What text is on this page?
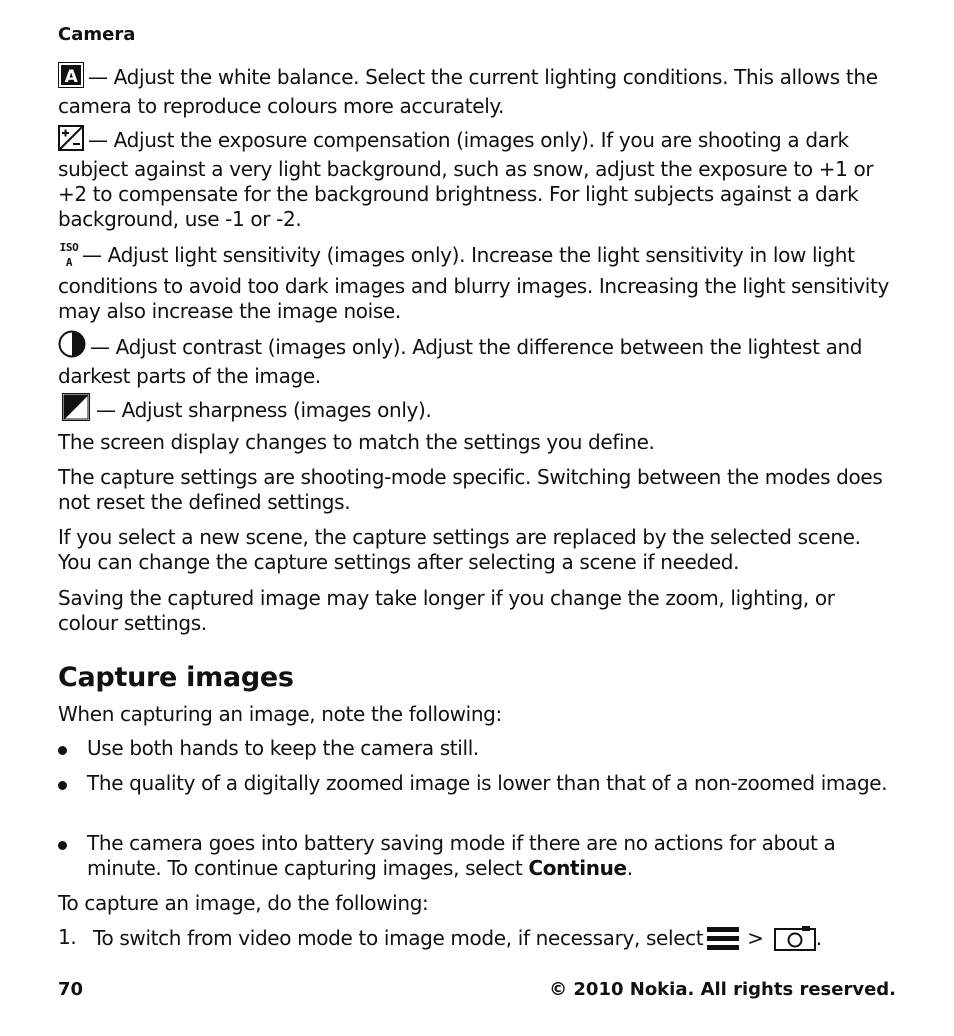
Camera
A — Adjust the white balance. Select the current lighting conditions. This allows the camera to reproduce colours more accurately.
— Adjust the exposure compensation (images only). If you are shooting a dark subject against a very light background, such as snow, adjust the exposure to +1 or +2 to compensate for the background brightness. For light subjects against a dark background, use -1 or -2.
ISO
A — Adjust light sensitivity (images only). Increase the light sensitivity in low light conditions to avoid too dark images and blurry images. Increasing the light sensitivity may also increase the image noise.
— Adjust contrast (images only). Adjust the difference between the lightest and darkest parts of the image.
— Adjust sharpness (images only).
The screen display changes to match the settings you define.
The capture settings are shooting-mode specific. Switching between the modes does not reset the defined settings.
If you select a new scene, the capture settings are replaced by the selected scene. You can change the capture settings after selecting a scene if needed.
Saving the captured image may take longer if you change the zoom, lighting, or colour settings.
Capture images
When capturing an image, note the following:
Use both hands to keep the camera still.
The quality of a digitally zoomed image is lower than that of a non-zoomed image.
The camera goes into battery saving mode if there are no actions for about a minute. To continue capturing images, select Continue.
To capture an image, do the following:
1. To switch from video mode to image mode, if necessary, select >	.
70	© 2010 Nokia. All rights reserved.
